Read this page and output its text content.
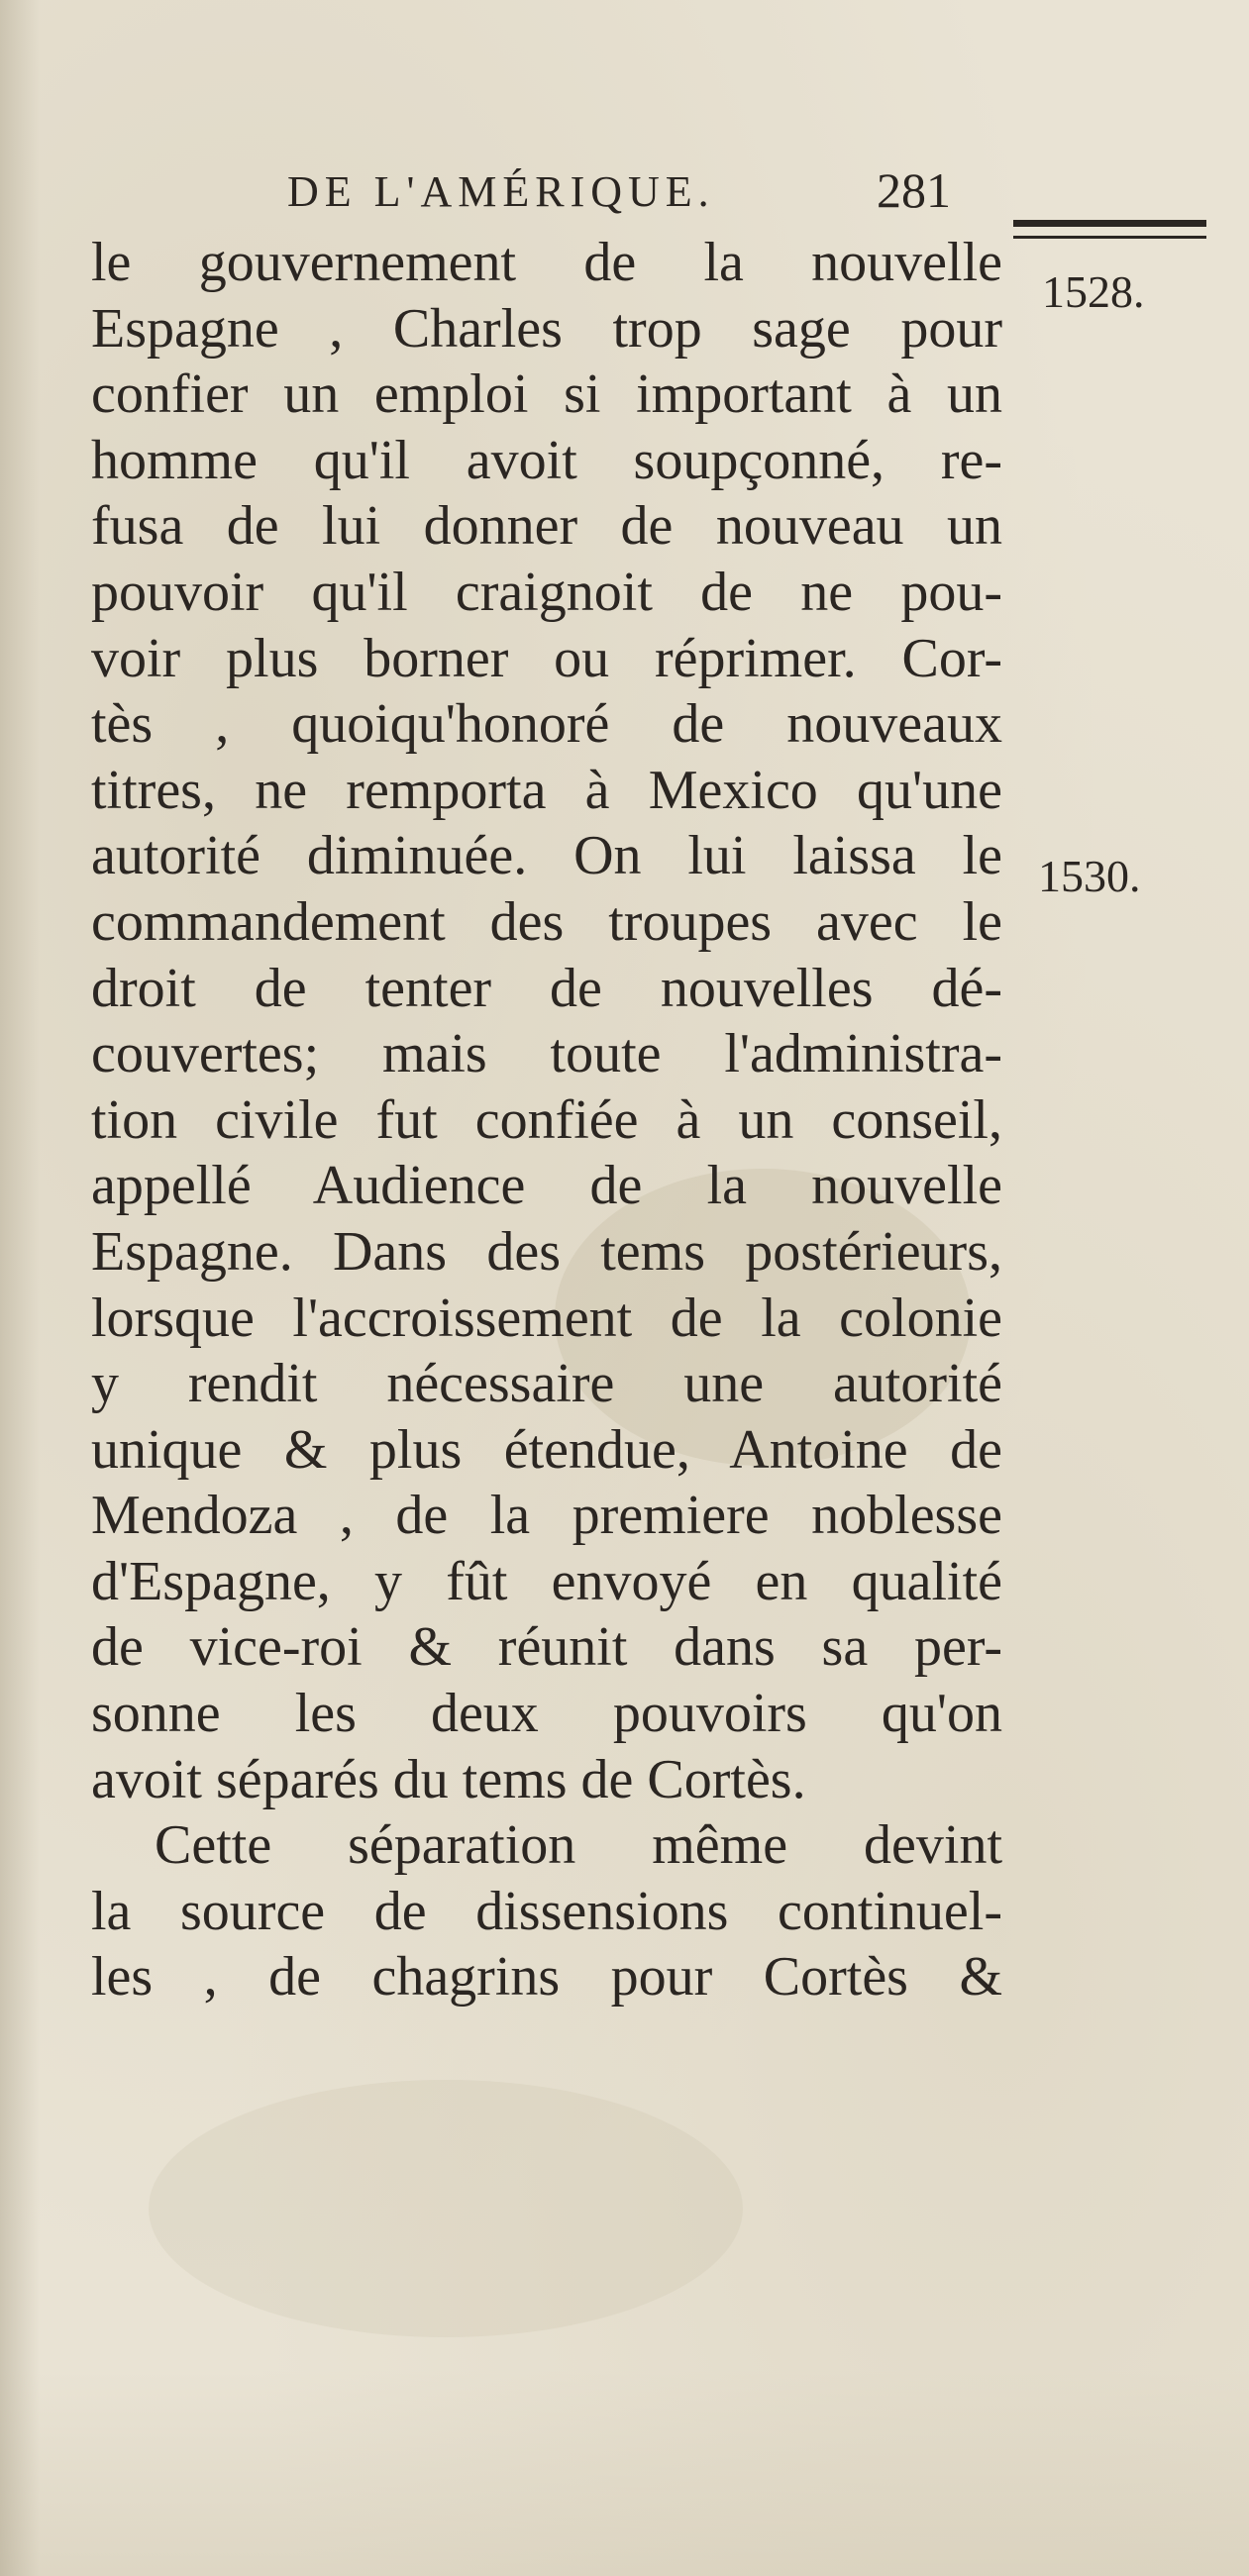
DE L'AMÉRIQUE.	281
1528.
1530.
le gouvernement de la nouvelle
Espagne , Charles trop sage pour
confier un emploi si important à un
homme qu'il avoit soupçonné, re-
fusa de lui donner de nouveau un
pouvoir qu'il craignoit de ne pou-
voir plus borner ou réprimer. Cor-
tès , quoiqu'honoré de nouveaux
titres, ne remporta à Mexico qu'une
autorité diminuée. On lui laissa le
commandement des troupes avec le
droit de tenter de nouvelles dé-
couvertes; mais toute l'administra-
tion civile fut confiée à un conseil,
appellé Audience de la nouvelle
Espagne. Dans des tems postérieurs,
lorsque l'accroissement de la colonie
y rendit nécessaire une autorité
unique & plus étendue, Antoine de
Mendoza , de la premiere noblesse
d'Espagne, y fût envoyé en qualité
de vice-roi & réunit dans sa per-
sonne les deux pouvoirs qu'on
avoit séparés du tems de Cortès.
Cette séparation même devint
la source de dissensions continuel-
les , de chagrins pour Cortès &
